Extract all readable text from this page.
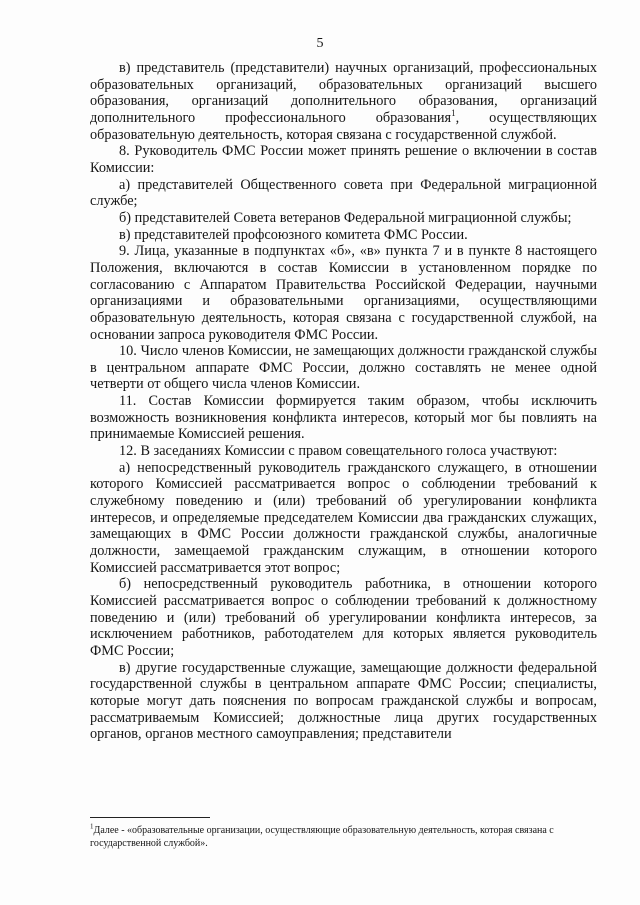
5

в) представитель (представители) научных организаций, профессиональных образовательных организаций, образовательных организаций высшего образования, организаций дополнительного образования, организаций дополнительного профессионального образования$^1$, осуществляющих образовательную деятельность, которая связана с государственной службой.

8. Руководитель ФМС России может принять решение о включении в состав Комиссии:

а) представителей Общественного совета при Федеральной миграционной службе;

б) представителей Совета ветеранов Федеральной миграционной службы;

в) представителей профсоюзного комитета ФМС России.

9. Лица, указанные в подпунктах «б», «в» пункта 7 и в пункте 8 настоящего Положения, включаются в состав Комиссии в установленном порядке по согласованию с Аппаратом Правительства Российской Федерации, научными организациями и образовательными организациями, осуществляющими образовательную деятельность, которая связана с государственной службой, на основании запроса руководителя ФМС России.

10. Число членов Комиссии, не замещающих должности гражданской службы в центральном аппарате ФМС России, должно составлять не менее одной четверти от общего числа членов Комиссии.

11. Состав Комиссии формируется таким образом, чтобы исключить возможность возникновения конфликта интересов, который мог бы повлиять на принимаемые Комиссией решения.

12. В заседаниях Комиссии с правом совещательного голоса участвуют:

а) непосредственный руководитель гражданского служащего, в отношении которого Комиссией рассматривается вопрос о соблюдении требований к служебному поведению и (или) требований об урегулировании конфликта интересов, и определяемые председателем Комиссии два гражданских служащих, замещающих в ФМС России должности гражданской службы, аналогичные должности, замещаемой гражданским служащим, в отношении которого Комиссией рассматривается этот вопрос;

б) непосредственный руководитель работника, в отношении которого Комиссией рассматривается вопрос о соблюдении требований к должностному поведению и (или) требований об урегулировании конфликта интересов, за исключением работников, работодателем для которых является руководитель ФМС России;

в) другие государственные служащие, замещающие должности федеральной государственной службы в центральном аппарате ФМС России; специалисты, которые могут дать пояснения по вопросам гражданской службы и вопросам, рассматриваемым Комиссией; должностные лица других государственных органов, органов местного самоуправления; представители

$^1$Далее - «образовательные организации, осуществляющие образовательную деятельность, которая связана с государственной службой».
